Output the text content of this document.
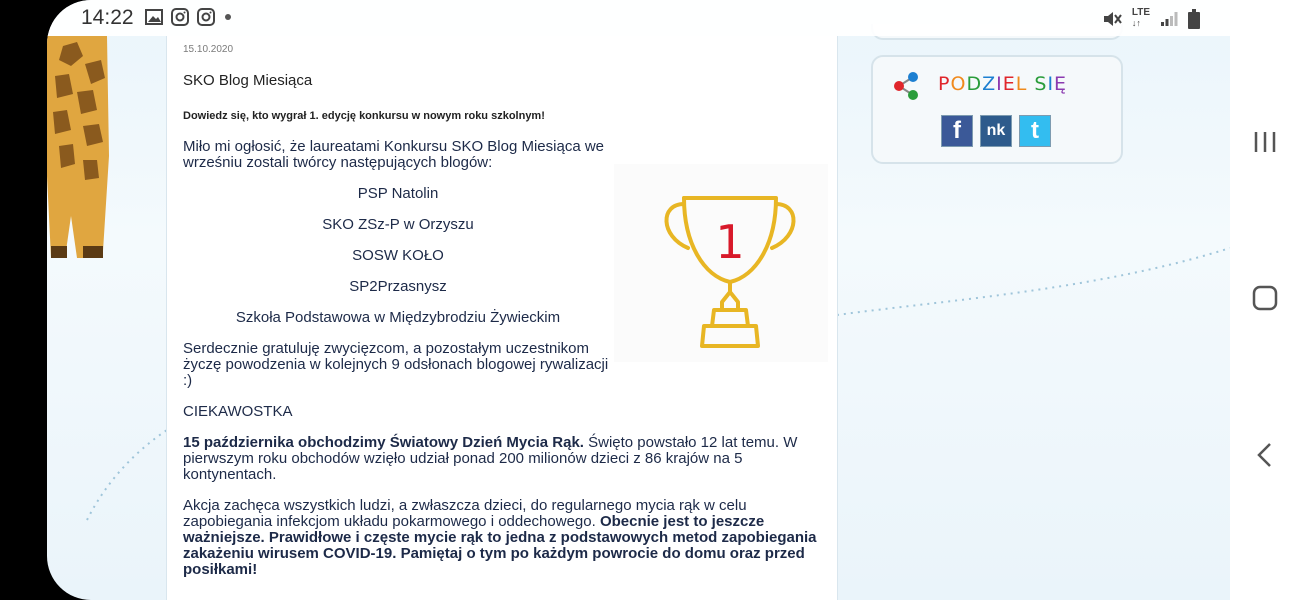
14:22	LTE
↓↑
15.10.2020
SKO Blog Miesiąca
Dowiedz się, kto wygrał 1. edycję konkursu w nowym roku szkolnym!
Miło mi ogłosić, że laureatami Konkursu SKO Blog Miesiąca we
wrześniu zostali twórcy następujących blogów:
PSP Natolin
SKO ZSz-P w Orzyszu
SOSW KOŁO
SP2Przasnysz
Szkoła Podstawowa w Międzybrodziu Żywieckim
Serdecznie gratuluję zwycięzcom, a pozostałym uczestnikom
życzę powodzenia w kolejnych 9 odsłonach blogowej rywalizacji
:)
CIEKAWOSTKA
15 października obchodzimy Światowy Dzień Mycia Rąk. Święto powstało 12 lat temu. W
pierwszym roku obchodów wzięło udział ponad 200 milionów dzieci z 86 krajów na 5
kontynentach.
Akcja zachęca wszystkich ludzi, a zwłaszcza dzieci, do regularnego mycia rąk w celu
zapobiegania infekcjom układu pokarmowego i oddechowego. Obecnie jest to jeszcze
ważniejsze. Prawidłowe i częste mycie rąk to jedna z podstawowych metod zapobiegania
zakażeniu wirusem COVID-19. Pamiętaj o tym po każdym powrocie do domu oraz przed
posiłkami!
1
PODZIEL SIĘ
f nk t
